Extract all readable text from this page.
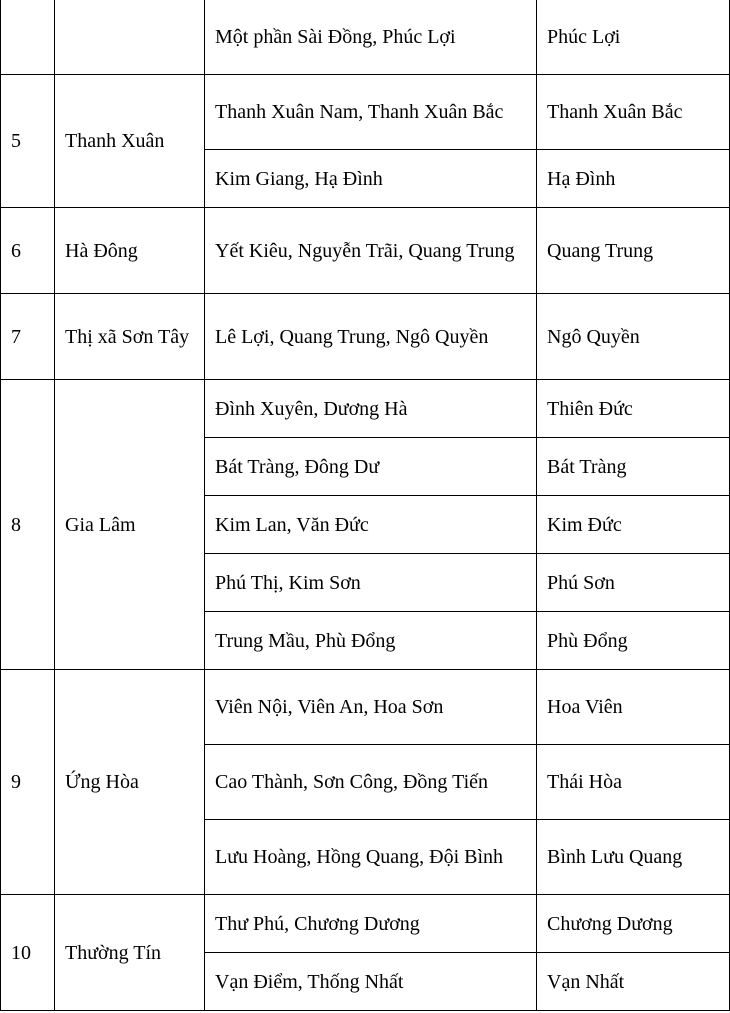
		Một phần Sài Đồng, Phúc Lợi	Phúc Lợi
5	Thanh Xuân	Thanh Xuân Nam, Thanh Xuân Bắc	Thanh Xuân Bắc
		Kim Giang, Hạ Đình	Hạ Đình
6	Hà Đông	Yết Kiêu, Nguyễn Trãi, Quang Trung	Quang Trung
7	Thị xã Sơn Tây	Lê Lợi, Quang Trung, Ngô Quyền	Ngô Quyền
8	Gia Lâm	Đình Xuyên, Dương Hà	Thiên Đức
		Bát Tràng, Đông Dư	Bát Tràng
		Kim Lan, Văn Đức	Kim Đức
		Phú Thị, Kim Sơn	Phú Sơn
		Trung Mầu, Phù Đổng	Phù Đổng
9	Ứng Hòa	Viên Nội, Viên An, Hoa Sơn	Hoa Viên
		Cao Thành, Sơn Công, Đồng Tiến	Thái Hòa
		Lưu Hoàng, Hồng Quang, Đội Bình	Bình Lưu Quang
10	Thường Tín	Thư Phú, Chương Dương	Chương Dương
		Vạn Điểm, Thống Nhất	Vạn Nhất
